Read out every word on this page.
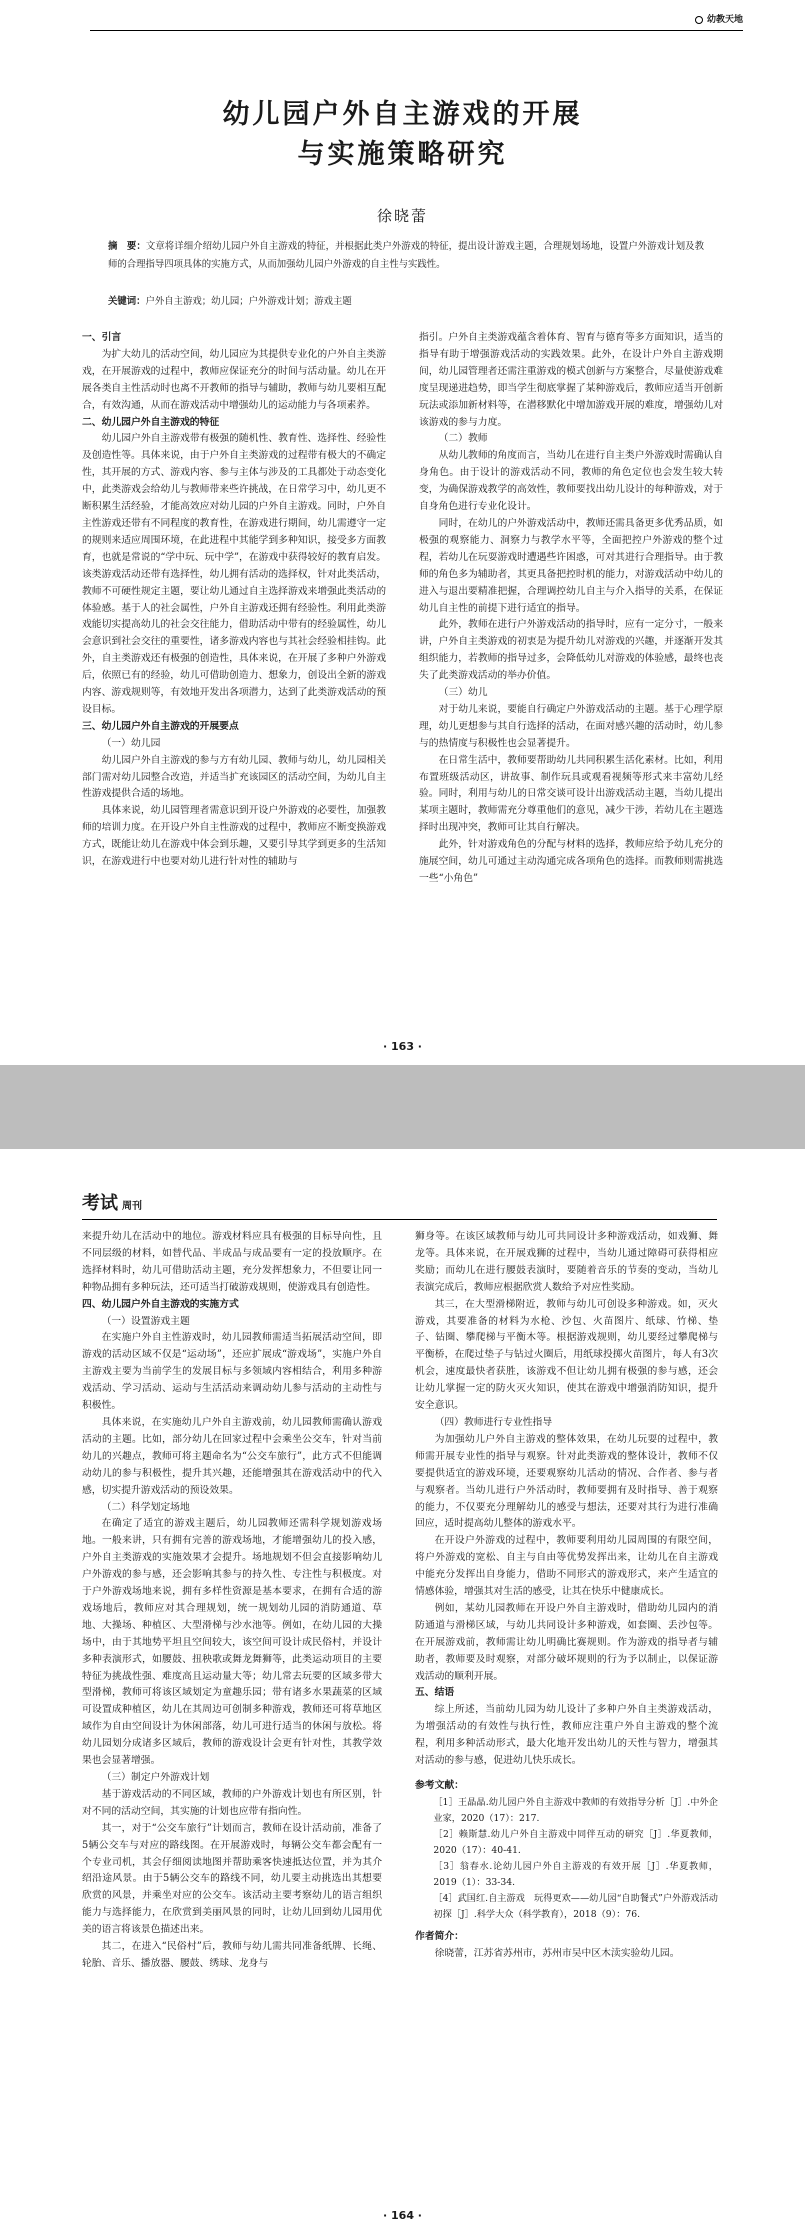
幼教天地
幼儿园户外自主游戏的开展
与实施策略研究
徐晓蕾
摘　要：文章将详细介绍幼儿园户外自主游戏的特征，并根据此类户外游戏的特征，提出设计游戏主题，合理规划场地，设置户外游戏计划及教师的合理指导四项具体的实施方式，从而加强幼儿园户外游戏的自主性与实践性。
关键词：户外自主游戏；幼儿园；户外游戏计划；游戏主题

一、引言

为扩大幼儿的活动空间，幼儿园应为其提供专业化的户外自主类游戏，在开展游戏的过程中，教师应保证充分的时间与活动量。幼儿在开展各类自主性活动时也离不开教师的指导与辅助，教师与幼儿要相互配合，有效沟通，从而在游戏活动中增强幼儿的运动能力与各项素养。

二、幼儿园户外自主游戏的特征

幼儿园户外自主游戏带有极强的随机性、教育性、选择性、经验性及创造性等。具体来说，由于户外自主类游戏的过程带有极大的不确定性，其开展的方式、游戏内容、参与主体与涉及的工具都处于动态变化中，此类游戏会给幼儿与教师带来些许挑战，在日常学习中，幼儿更不断积累生活经验，才能高效应对幼儿园的户外自主游戏。同时，户外自主性游戏还带有不同程度的教育性，在游戏进行期间，幼儿需遵守一定的规则来适应周围环境，在此进程中其能学到多种知识，接受多方面教育，也就是常说的“学中玩、玩中学”，在游戏中获得较好的教育启发。该类游戏活动还带有选择性，幼儿拥有活动的选择权，针对此类活动，教师不可硬性规定主题，要让幼儿通过自主选择游戏来增强此类活动的体验感。基于人的社会属性，户外自主游戏还拥有经验性。利用此类游戏能切实提高幼儿的社会交往能力，借助活动中带有的经验属性，幼儿会意识到社会交往的重要性，诸多游戏内容也与其社会经验相挂钩。此外，自主类游戏还有极强的创造性，具体来说，在开展了多种户外游戏后，依照已有的经验，幼儿可借助创造力、想象力，创设出全新的游戏内容、游戏规则等，有效地开发出各项潜力，达到了此类游戏活动的预设目标。

三、幼儿园户外自主游戏的开展要点

（一）幼儿园

幼儿园户外自主游戏的参与方有幼儿园、教师与幼儿，幼儿园相关部门需对幼儿园整合改造，并适当扩充该园区的活动空间，为幼儿自主性游戏提供合适的场地。

具体来说，幼儿园管理者需意识到开设户外游戏的必要性，加强教师的培训力度。在开设户外自主性游戏的过程中，教师应不断变换游戏方式，既能让幼儿在游戏中体会到乐趣，又要引导其学到更多的生活知识，在游戏进行中也要对幼儿进行针对性的辅助与

指引。户外自主类游戏蕴含着体育、智育与德育等多方面知识，适当的指导有助于增强游戏活动的实践效果。此外，在设计户外自主游戏期间，幼儿园管理者还需注重游戏的模式创新与方案整合，尽量使游戏难度呈现递进趋势，即当学生彻底掌握了某种游戏后，教师应适当开创新玩法或添加新材料等，在潜移默化中增加游戏开展的难度，增强幼儿对该游戏的参与力度。

（二）教师

从幼儿教师的角度而言，当幼儿在进行自主类户外游戏时需确认自身角色。由于设计的游戏活动不同，教师的角色定位也会发生较大转变，为确保游戏教学的高效性，教师要找出幼儿设计的每种游戏，对于自身角色进行专业化设计。

同时，在幼儿的户外游戏活动中，教师还需具备更多优秀品质，如极强的观察能力、洞察力与教学水平等，全面把控户外游戏的整个过程，若幼儿在玩耍游戏时遭遇些许困惑，可对其进行合理指导。由于教师的角色多为辅助者，其更具备把控时机的能力，对游戏活动中幼儿的进入与退出要精准把握，合理调控幼儿自主与介入指导的关系，在保证幼儿自主性的前提下进行适宜的指导。

此外，教师在进行户外游戏活动的指导时，应有一定分寸，一般来讲，户外自主类游戏的初衷是为提升幼儿对游戏的兴趣，并逐渐开发其组织能力，若教师的指导过多，会降低幼儿对游戏的体验感，最终也丧失了此类游戏活动的举办价值。

（三）幼儿

对于幼儿来说，要能自行确定户外游戏活动的主题。基于心理学原理，幼儿更想参与其自行选择的活动，在面对感兴趣的活动时，幼儿参与的热情度与积极性也会显著提升。

在日常生活中，教师要帮助幼儿共同积累生活化素材。比如，利用布置班级活动区，讲故事、制作玩具或观看视频等形式来丰富幼儿经验。同时，利用与幼儿的日常交谈可设计出游戏活动主题，当幼儿提出某项主题时，教师需充分尊重他们的意见，减少干涉，若幼儿在主题选择时出现冲突，教师可让其自行解决。

此外，针对游戏角色的分配与材料的选择，教师应给予幼儿充分的施展空间，幼儿可通过主动沟通完成各项角色的选择。而教师则需挑选一些“小角色”

· 163 ·
考试 周刊

来提升幼儿在活动中的地位。游戏材料应具有极强的目标导向性，且不同层级的材料，如替代品、半成品与成品要有一定的投放顺序。在选择材料时，幼儿可借助活动主题，充分发挥想象力，不但要让同一种物品拥有多种玩法，还可适当打破游戏规则，使游戏具有创造性。

四、幼儿园户外自主游戏的实施方式

（一）设置游戏主题

在实施户外自主性游戏时，幼儿园教师需适当拓展活动空间，即游戏的活动区域不仅是“运动场”，还应扩展成“游戏场”，实施户外自主游戏主要为当前学生的发展目标与多领域内容相结合，利用多种游戏活动、学习活动、运动与生活活动来调动幼儿参与活动的主动性与积极性。

具体来说，在实施幼儿户外自主游戏前，幼儿园教师需确认游戏活动的主题。比如，部分幼儿在回家过程中会乘坐公交车，针对当前幼儿的兴趣点，教师可将主题命名为“公交车旅行”，此方式不但能调动幼儿的参与积极性，提升其兴趣，还能增强其在游戏活动中的代入感，切实提升游戏活动的预设效果。

（二）科学划定场地

在确定了适宜的游戏主题后，幼儿园教师还需科学规划游戏场地。一般来讲，只有拥有完善的游戏场地，才能增强幼儿的投入感，户外自主类游戏的实施效果才会提升。场地规划不但会直接影响幼儿户外游戏的参与感，还会影响其参与的持久性、专注性与积极度。对于户外游戏场地来说，拥有多样性资源是基本要求，在拥有合适的游戏场地后，教师应对其合理规划，统一规划幼儿园的消防通道、草地、大操场、种植区、大型滑梯与沙水池等。例如，在幼儿园的大操场中，由于其地势平坦且空间较大，该空间可设计成民俗村，并设计多种表演形式，如腰鼓、扭秧歌或舞龙舞狮等，此类运动项目的主要特征为挑战性强、难度高且运动量大等；幼儿常去玩要的区域多带大型滑梯，教师可将该区域划定为童趣乐园；带有诸多水果蔬菜的区域可设置成种植区，幼儿在其周边可创制多种游戏，教师还可将草地区域作为自由空间设计为休闲部落，幼儿可进行适当的休闲与放松。将幼儿园划分成诸多区域后，教师的游戏设计会更有针对性，其教学效果也会显著增强。

（三）制定户外游戏计划

基于游戏活动的不同区域，教师的户外游戏计划也有所区别，针对不同的活动空间，其实施的计划也应带有指向性。

其一，对于“公交车旅行”计划而言，教师在设计活动前，准备了5辆公交车与对应的路线图。在开展游戏时，每辆公交车都会配有一个专业司机，其会仔细阅读地图并帮助乘客快速抵达位置，并为其介绍沿途风景。由于5辆公交车的路线不同，幼儿要主动挑选出其想要欣赏的风景，并乘坐对应的公交车。该活动主要考察幼儿的语言组织能力与选择能力，在欣赏到美丽风景的同时，让幼儿回到幼儿园用优美的语言将该景色描述出来。

其二，在进入“民俗村”后，教师与幼儿需共同准备纸牌、长绳、轮胎、音乐、播放器、腰鼓、绣球、龙身与

狮身等。在该区域教师与幼儿可共同设计多种游戏活动，如戏狮、舞龙等。具体来说，在开展戏狮的过程中，当幼儿通过障碍可获得相应奖励；而幼儿在进行腰鼓表演时，要随着音乐的节奏的变动，当幼儿表演完成后，教师应根据欣赏人数给予对应性奖励。

其三，在大型滑梯附近，教师与幼儿可创设多种游戏。如，灭火游戏，其要准备的材料为水枪、沙包、火苗图片、纸球、竹梯、垫子、钻圈、攀爬梯与平衡木等。根据游戏规则，幼儿要经过攀爬梯与平衡桥，在爬过垫子与钻过火圈后，用纸球投掷火苗图片，每人有3次机会，速度最快者获胜，该游戏不但让幼儿拥有极强的参与感，还会让幼儿掌握一定的防火灭火知识，使其在游戏中增强消防知识，提升安全意识。

（四）教师进行专业性指导

为加强幼儿户外自主游戏的整体效果，在幼儿玩耍的过程中，教师需开展专业性的指导与观察。针对此类游戏的整体设计，教师不仅要提供适宜的游戏环境，还要观察幼儿活动的情况、合作者、参与者与观察者。当幼儿进行户外活动时，教师要拥有及时指导、善于观察的能力，不仅要充分理解幼儿的感受与想法，还要对其行为进行准确回应，适时提高幼儿整体的游戏水平。

在开设户外游戏的过程中，教师要利用幼儿园周围的有限空间，将户外游戏的宽松、自主与自由等优势发挥出来，让幼儿在自主游戏中能充分发挥出自身能力，借助不同形式的游戏形式，来产生适宜的情感体验，增强其对生活的感受，让其在快乐中健康成长。

例如，某幼儿园教师在开设户外自主游戏时，借助幼儿园内的消防通道与滑梯区域，与幼儿共同设计多种游戏，如套圈、丢沙包等。在开展游戏前，教师需让幼儿明确比赛规则。作为游戏的指导者与辅助者，教师要及时观察，对部分破坏规则的行为予以制止，以保证游戏活动的顺利开展。

五、结语

综上所述，当前幼儿园为幼儿设计了多种户外自主类游戏活动，为增强活动的有效性与执行性，教师应注重户外自主游戏的整个流程，利用多种活动形式，最大化地开发出幼儿的天性与智力，增强其对活动的参与感，促进幼儿快乐成长。

参考文献：

［1］王晶晶.幼儿园户外自主游戏中教师的有效指导分析［J］.中外企业家，2020（17）：217.

［2］赖斯慧.幼儿户外自主游戏中同伴互动的研究［J］.华夏教师，2020（17）：40-41.

［3］翁春水.论幼儿园户外自主游戏的有效开展［J］.华夏教师，2019（1）：33-34.

［4］武国红.自主游戏　玩得更欢——幼儿园“自助餐式”户外游戏活动初探［J］.科学大众（科学教育），2018（9）：76.

作者简介：

徐晓蕾，江苏省苏州市，苏州市吴中区木渎实验幼儿园。

· 164 ·
